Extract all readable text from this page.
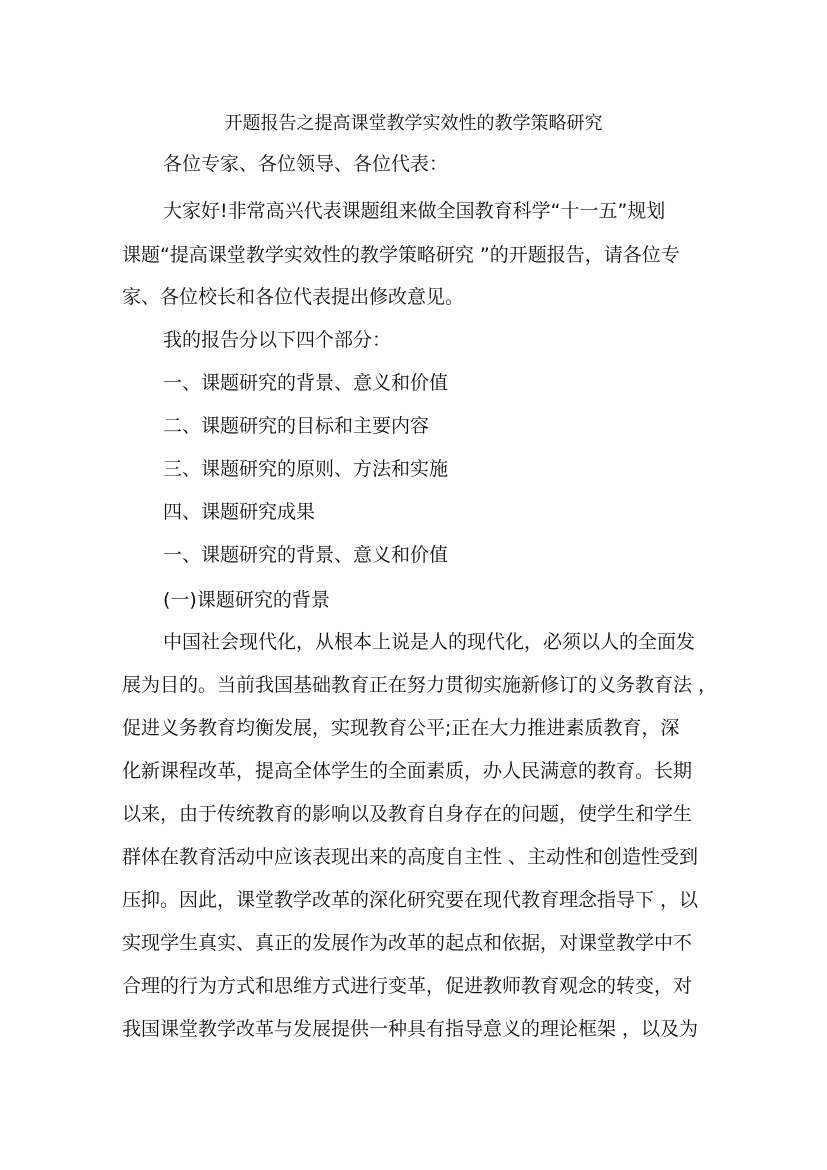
开题报告之提高课堂教学实效性的教学策略研究
各位专家、各位领导、各位代表：
大家好!非常高兴代表课题组来做全国教育科学“十一五”规划
课题“提高课堂教学实效性的教学策略研究 ”的开题报告，请各位专
家、各位校长和各位代表提出修改意见。
我的报告分以下四个部分：
一、课题研究的背景、意义和价值
二、课题研究的目标和主要内容
三、课题研究的原则、方法和实施
四、课题研究成果
一、课题研究的背景、意义和价值
(一)课题研究的背景
中国社会现代化，从根本上说是人的现代化，必须以人的全面发
展为目的。当前我国基础教育正在努力贯彻实施新修订的义务教育法 ，
促进义务教育均衡发展，实现教育公平;正在大力推进素质教育，深
化新课程改革，提高全体学生的全面素质，办人民满意的教育。长期
以来，由于传统教育的影响以及教育自身存在的问题，使学生和学生
群体在教育活动中应该表现出来的高度自主性 、主动性和创造性受到
压抑。因此，课堂教学改革的深化研究要在现代教育理念指导下 ，以
实现学生真实、真正的发展作为改革的起点和依据，对课堂教学中不
合理的行为方式和思维方式进行变革，促进教师教育观念的转变，对
我国课堂教学改革与发展提供一种具有指导意义的理论框架 ，以及为
